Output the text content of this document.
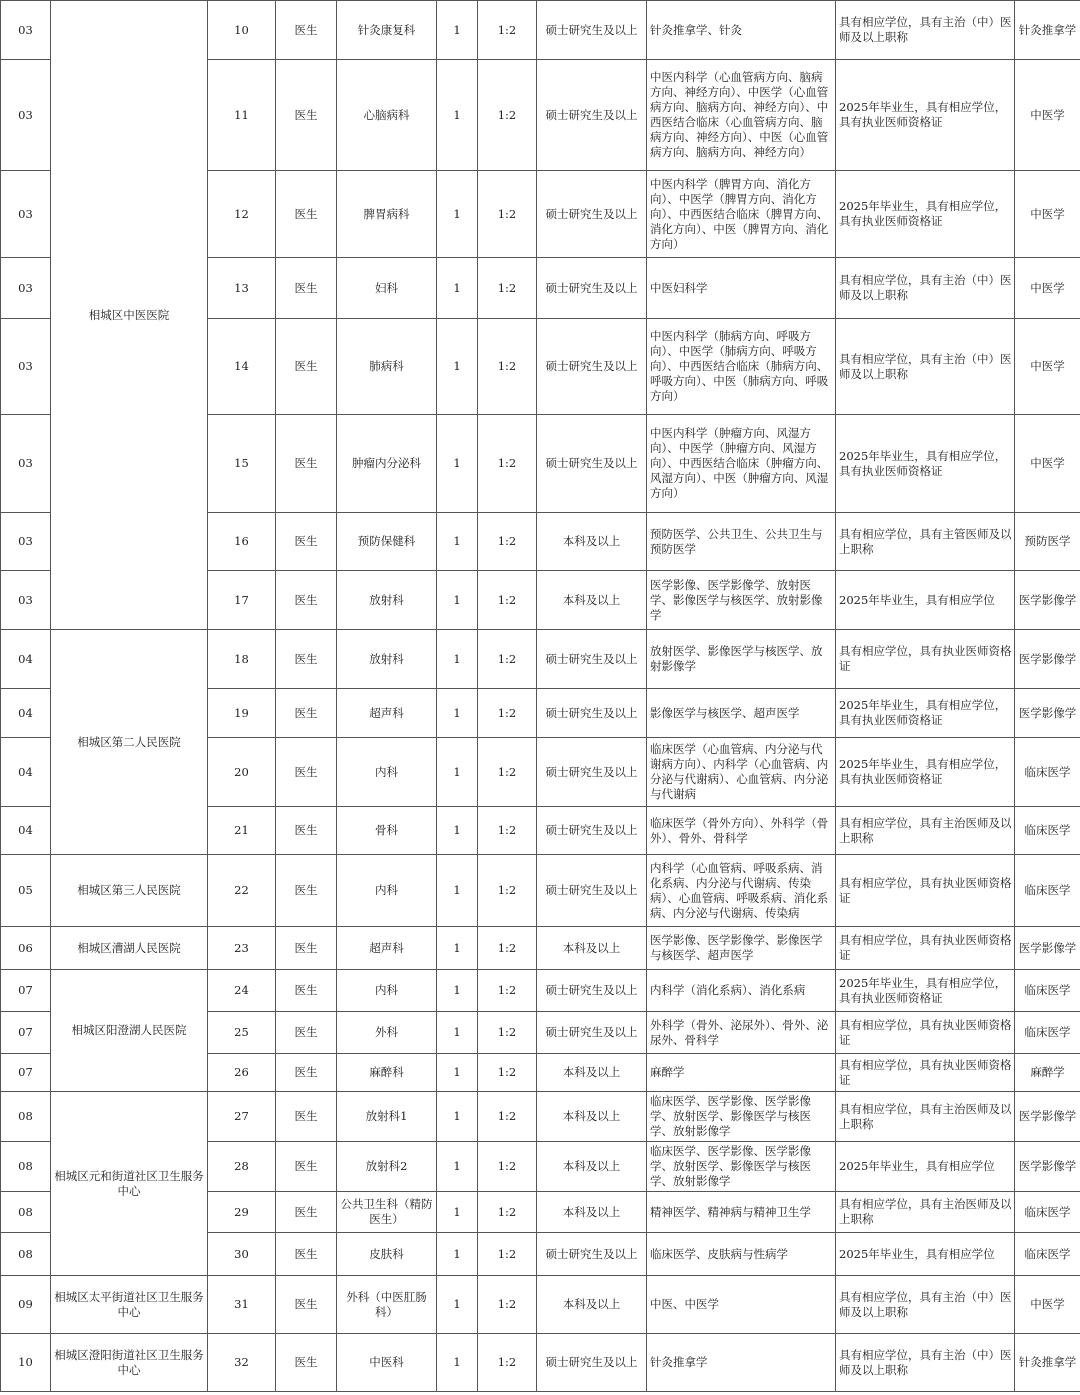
03	相城区中医医院	10	医生	针灸康复科	1	1:2	硕士研究生及以上	针灸推拿学、针灸	具有相应学位，具有主治（中）医师及以上职称	针灸推拿学
03		11	医生	心脑病科	1	1:2	硕士研究生及以上	中医内科学（心血管病方向、脑病方向、神经方向）、中医学（心血管病方向、脑病方向、神经方向）、中西医结合临床（心血管病方向、脑病方向、神经方向）、中医（心血管病方向、脑病方向、神经方向）	2025年毕业生，具有相应学位，具有执业医师资格证	中医学
03		12	医生	脾胃病科	1	1:2	硕士研究生及以上	中医内科学（脾胃方向、消化方向）、中医学（脾胃方向、消化方向）、中西医结合临床（脾胃方向、消化方向）、中医（脾胃方向、消化方向）	2025年毕业生，具有相应学位，具有执业医师资格证	中医学
03		13	医生	妇科	1	1:2	硕士研究生及以上	中医妇科学	具有相应学位，具有主治（中）医师及以上职称	中医学
03		14	医生	肺病科	1	1:2	硕士研究生及以上	中医内科学（肺病方向、呼吸方向）、中医学（肺病方向、呼吸方向）、中西医结合临床（肺病方向、呼吸方向）、中医（肺病方向、呼吸方向）	具有相应学位，具有主治（中）医师及以上职称	中医学
03		15	医生	肿瘤内分泌科	1	1:2	硕士研究生及以上	中医内科学（肿瘤方向、风湿方向）、中医学（肿瘤方向、风湿方向）、中西医结合临床（肿瘤方向、风湿方向）、中医（肿瘤方向、风湿方向）	2025年毕业生，具有相应学位，具有执业医师资格证	中医学
03		16	医生	预防保健科	1	1:2	本科及以上	预防医学、公共卫生、公共卫生与预防医学	具有相应学位，具有主管医师及以上职称	预防医学
03		17	医生	放射科	1	1:2	本科及以上	医学影像、医学影像学、放射医学、影像医学与核医学、放射影像学	2025年毕业生，具有相应学位	医学影像学
04	相城区第二人民医院	18	医生	放射科	1	1:2	硕士研究生及以上	放射医学、影像医学与核医学、放射影像学	具有相应学位，具有执业医师资格证	医学影像学
04		19	医生	超声科	1	1:2	硕士研究生及以上	影像医学与核医学、超声医学	2025年毕业生，具有相应学位，具有执业医师资格证	医学影像学
04		20	医生	内科	1	1:2	硕士研究生及以上	临床医学（心血管病、内分泌与代谢病方向）、内科学（心血管病、内分泌与代谢病）、心血管病、内分泌与代谢病	2025年毕业生，具有相应学位，具有执业医师资格证	临床医学
04		21	医生	骨科	1	1:2	硕士研究生及以上	临床医学（骨外方向）、外科学（骨外）、骨外、骨科学	具有相应学位，具有主治医师及以上职称	临床医学
05	相城区第三人民医院	22	医生	内科	1	1:2	硕士研究生及以上	内科学（心血管病、呼吸系病、消化系病、内分泌与代谢病、传染病）、心血管病、呼吸系病、消化系病、内分泌与代谢病、传染病	具有相应学位，具有执业医师资格证	临床医学
06	相城区漕湖人民医院	23	医生	超声科	1	1:2	本科及以上	医学影像、医学影像学、影像医学与核医学、超声医学	具有相应学位，具有执业医师资格证	医学影像学
07	相城区阳澄湖人民医院	24	医生	内科	1	1:2	硕士研究生及以上	内科学（消化系病）、消化系病	2025年毕业生，具有相应学位，具有执业医师资格证	临床医学
07		25	医生	外科	1	1:2	硕士研究生及以上	外科学（骨外、泌尿外）、骨外、泌尿外、骨科学	具有相应学位，具有执业医师资格证	临床医学
07		26	医生	麻醉科	1	1:2	本科及以上	麻醉学	具有相应学位，具有执业医师资格证	麻醉学
08	相城区元和街道社区卫生服务中心	27	医生	放射科1	1	1:2	本科及以上	临床医学、医学影像、医学影像学、放射医学、影像医学与核医学、放射影像学	具有相应学位，具有主治医师及以上职称	医学影像学
08		28	医生	放射科2	1	1:2	本科及以上	临床医学、医学影像、医学影像学、放射医学、影像医学与核医学、放射影像学	2025年毕业生，具有相应学位	医学影像学
08		29	医生	公共卫生科（精防医生）	1	1:2	本科及以上	精神医学、精神病与精神卫生学	具有相应学位，具有主治医师及以上职称	临床医学
08		30	医生	皮肤科	1	1:2	硕士研究生及以上	临床医学、皮肤病与性病学	2025年毕业生，具有相应学位	临床医学
09	相城区太平街道社区卫生服务中心	31	医生	外科（中医肛肠科）	1	1:2	本科及以上	中医、中医学	具有相应学位，具有主治（中）医师及以上职称	中医学
10	相城区澄阳街道社区卫生服务中心	32	医生	中医科	1	1:2	硕士研究生及以上	针灸推拿学	具有相应学位，具有主治（中）医师及以上职称	针灸推拿学
